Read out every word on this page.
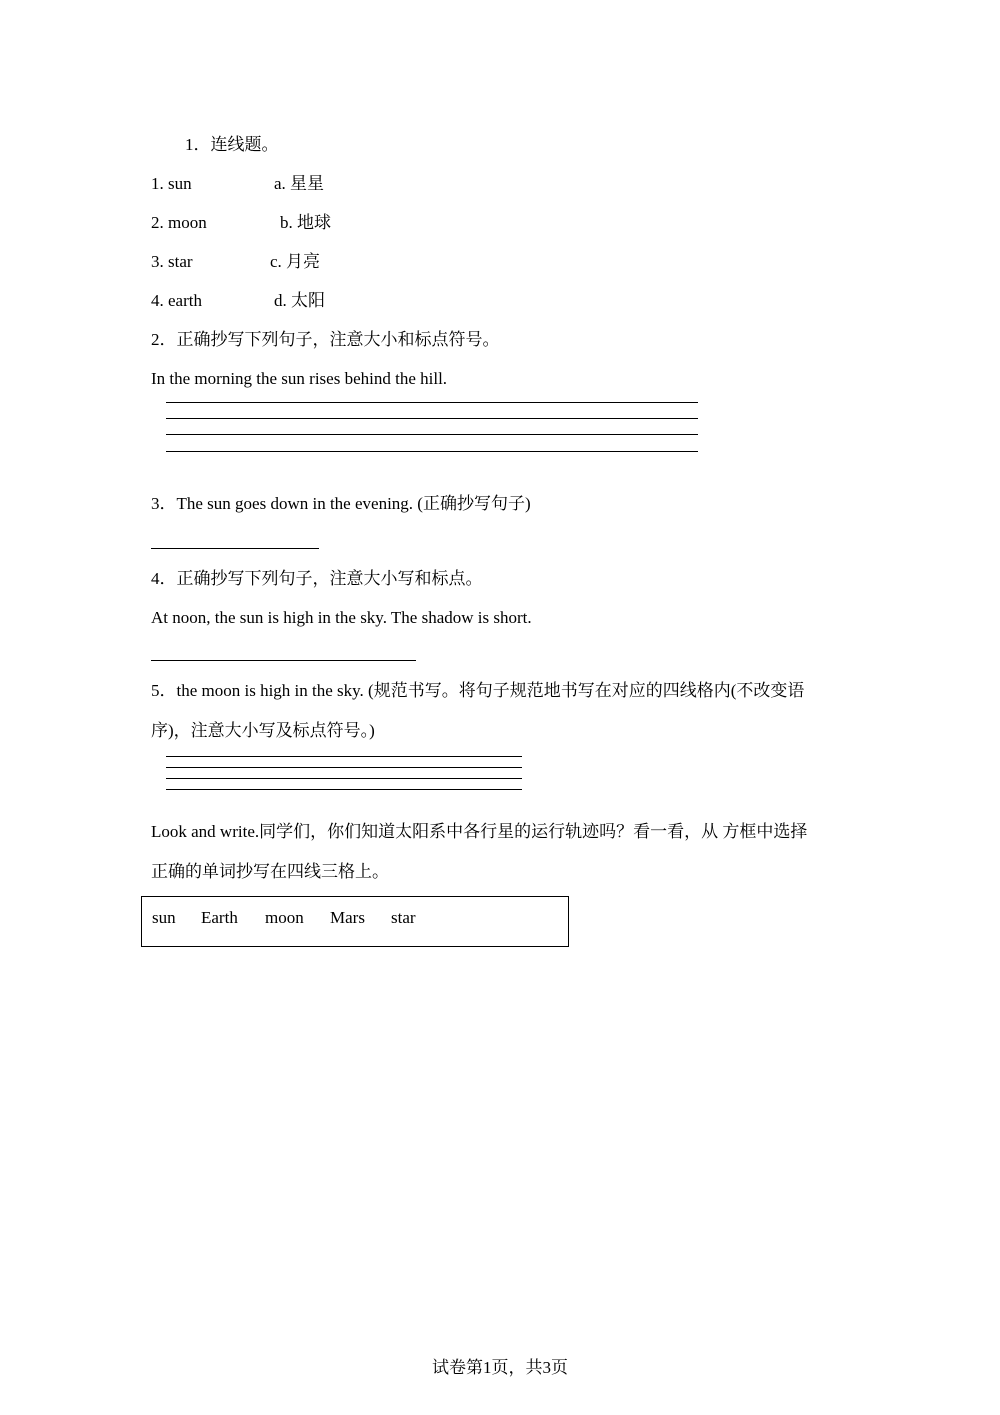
1．连线题。
1. sun	a. 星星
2. moon	b. 地球
3. star	c. 月亮
4. earth	d. 太阳
2．正确抄写下列句子，注意大小和标点符号。
In the morning the sun rises behind the hill.
3．The sun goes down in the evening. (正确抄写句子)
4．正确抄写下列句子，注意大小写和标点。
At noon, the sun is high in the sky. The shadow is short.
5．the moon is high in the sky. (规范书写。将句子规范地书写在对应的四线格内(不改变语
序)，注意大小写及标点符号。)
Look and write.同学们，你们知道太阳系中各行星的运行轨迹吗？看一看，从 方框中选择
正确的单词抄写在四线三格上。
sun Earth moon Mars star
试卷第1页，共3页
